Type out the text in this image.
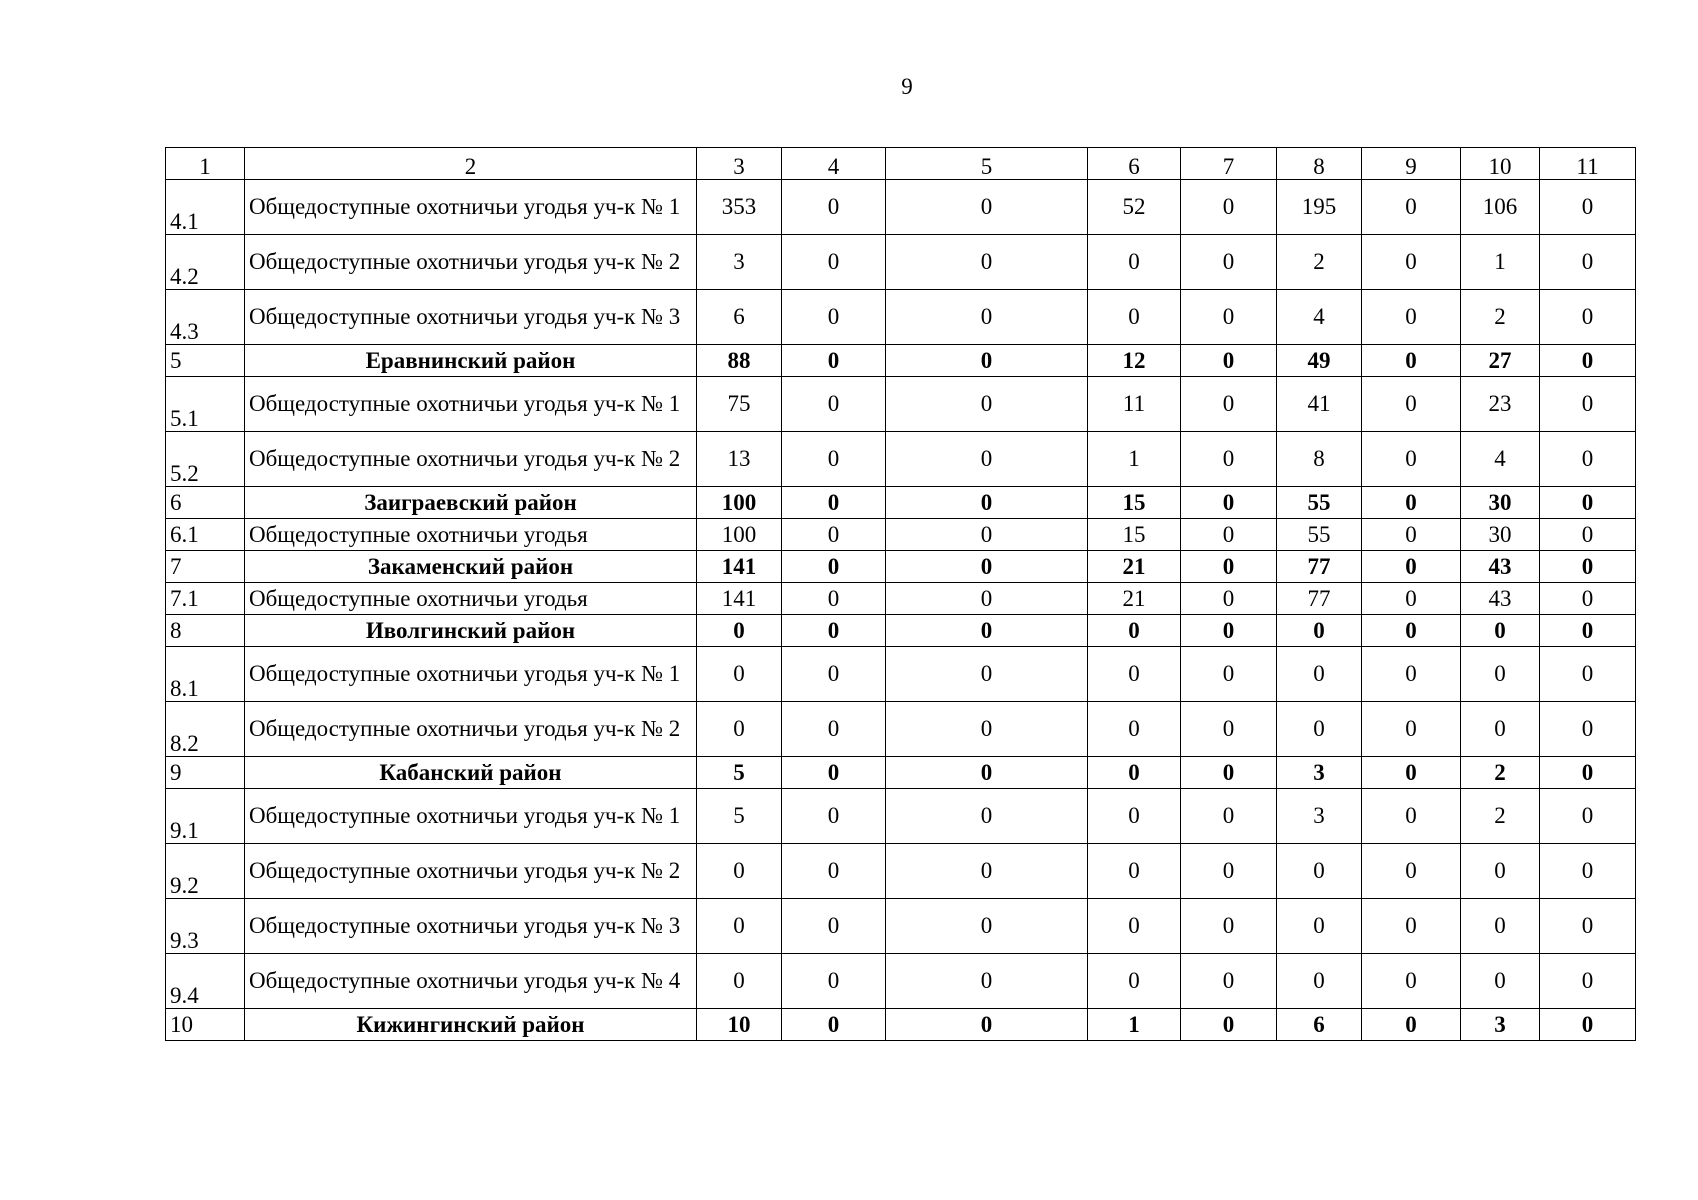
9
1	2	3	4	5	6	7	8	9	10	11
4.1	Общедоступные охотничьи угодья уч-к № 1	353	0	0	52	0	195	0	106	0
4.2	Общедоступные охотничьи угодья уч-к № 2	3	0	0	0	0	2	0	1	0
4.3	Общедоступные охотничьи угодья уч-к № 3	6	0	0	0	0	4	0	2	0
5	Еравнинский район	88	0	0	12	0	49	0	27	0
5.1	Общедоступные охотничьи угодья уч-к № 1	75	0	0	11	0	41	0	23	0
5.2	Общедоступные охотничьи угодья уч-к № 2	13	0	0	1	0	8	0	4	0
6	Заиграевский район	100	0	0	15	0	55	0	30	0
6.1	Общедоступные охотничьи угодья	100	0	0	15	0	55	0	30	0
7	Закаменский район	141	0	0	21	0	77	0	43	0
7.1	Общедоступные охотничьи угодья	141	0	0	21	0	77	0	43	0
8	Иволгинский район	0	0	0	0	0	0	0	0	0
8.1	Общедоступные охотничьи угодья уч-к № 1	0	0	0	0	0	0	0	0	0
8.2	Общедоступные охотничьи угодья уч-к № 2	0	0	0	0	0	0	0	0	0
9	Кабанский район	5	0	0	0	0	3	0	2	0
9.1	Общедоступные охотничьи угодья уч-к № 1	5	0	0	0	0	3	0	2	0
9.2	Общедоступные охотничьи угодья уч-к № 2	0	0	0	0	0	0	0	0	0
9.3	Общедоступные охотничьи угодья уч-к № 3	0	0	0	0	0	0	0	0	0
9.4	Общедоступные охотничьи угодья уч-к № 4	0	0	0	0	0	0	0	0	0
10	Кижингинский район	10	0	0	1	0	6	0	3	0
